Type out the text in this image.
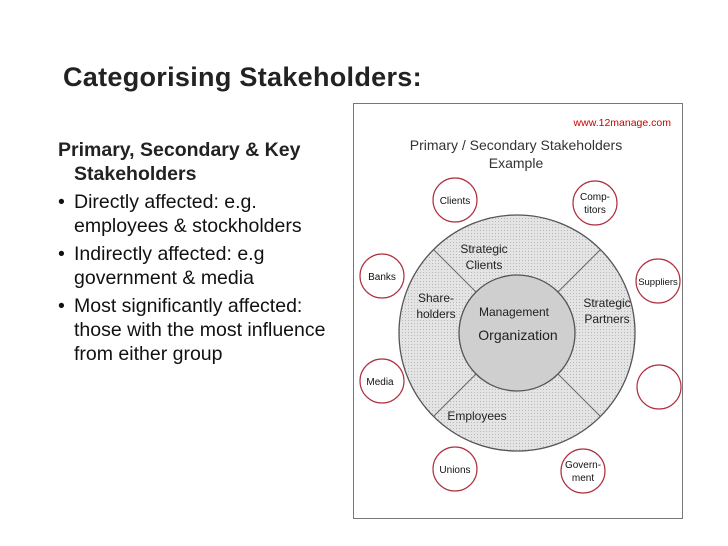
Categorising Stakeholders:
Primary, Secondary & Key Stakeholders
• Directly affected: e.g. employees & stockholders
• Indirectly affected: e.g government & media
• Most significantly affected: those with the most influence from either group
www.12manage.com
Primary / Secondary Stakeholders
Example
Management
Organization
Strategic
Clients
Share-
holders
Strategic
Partners
Employees
Clients	Comp-
titors
Banks	Suppliers
Media
Unions	Govern-
ment
